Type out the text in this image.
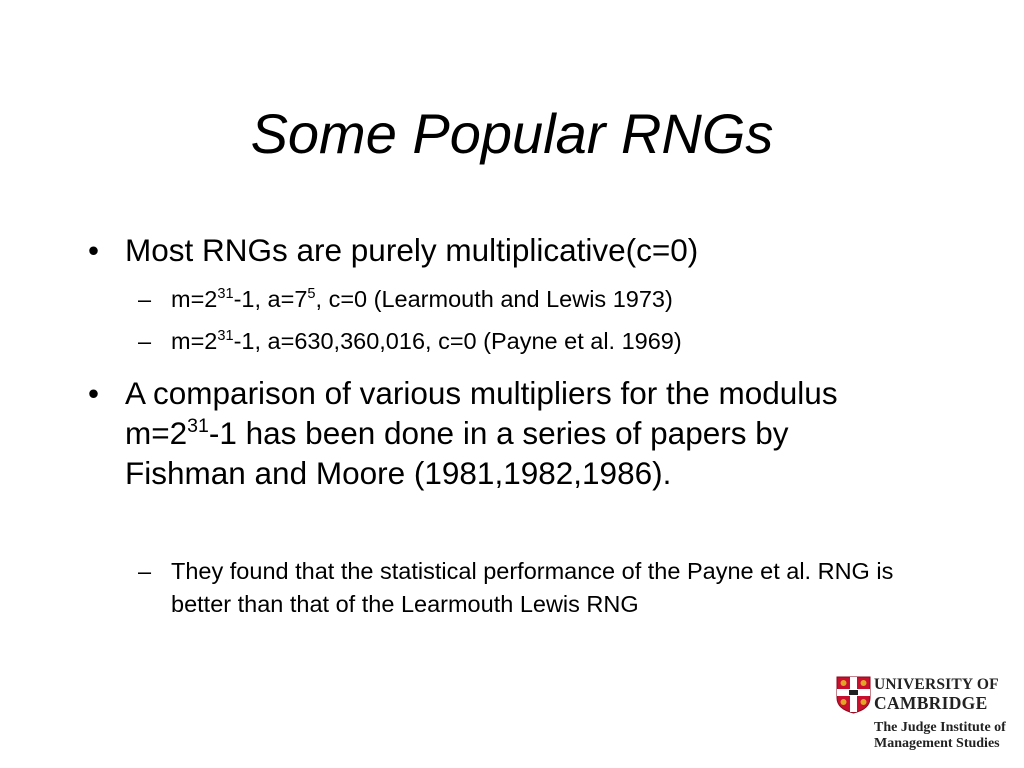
Some Popular RNGs

• Most RNGs are purely multiplicative(c=0)

– $m=2^{31}-1$, $a=7^5$, c=0 (Learmouth and Lewis 1973)

– $m=2^{31}-1$, a=630,360,016, c=0 (Payne et al. 1969)

• A comparison of various multipliers for the modulus $m=2^{31}-1$ has been done in a series of papers by Fishman and Moore (1981,1982,1986).

– They found that the statistical performance of the Payne et al. RNG is better than that of the Learmouth Lewis RNG

UNIVERSITY OF
CAMBRIDGE
The Judge Institute of
Management Studies
